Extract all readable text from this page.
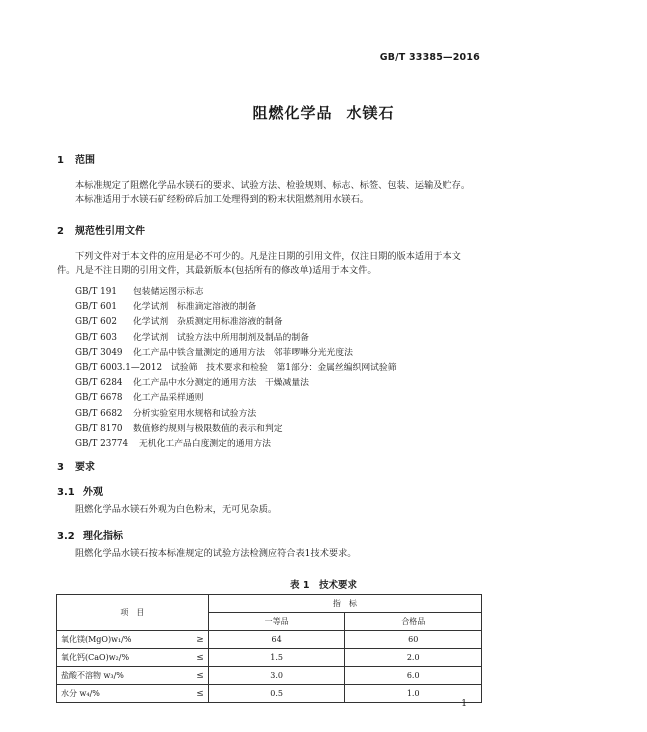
GB/T 33385—2016
阻燃化学品 水镁石
1 范围
本标准规定了阻燃化学品水镁石的要求、试验方法、检验规则、标志、标签、包装、运输及贮存。
本标准适用于水镁石矿经粉碎后加工处理得到的粉末状阻燃剂用水镁石。
2 规范性引用文件
下列文件对于本文件的应用是必不可少的。凡是注日期的引用文件，仅注日期的版本适用于本文
件。凡是不注日期的引用文件，其最新版本(包括所有的修改单)适用于本文件。
GB/T 191 包装储运图示标志
GB/T 601 化学试剂　标准滴定溶液的制备
GB/T 602 化学试剂　杂质测定用标准溶液的制备
GB/T 603 化学试剂　试验方法中所用制剂及制品的制备
GB/T 3049 化工产品中铁含量测定的通用方法　邻菲啰啉分光光度法
GB/T 6003.1—2012 试验筛　技术要求和检验　第1部分：金属丝编织网试验筛
GB/T 6284 化工产品中水分测定的通用方法　干燥减量法
GB/T 6678 化工产品采样通则
GB/T 6682 分析实验室用水规格和试验方法
GB/T 8170 数值修约规则与极限数值的表示和判定
GB/T 23774 无机化工产品白度测定的通用方法
3 要求
3.1 外观
阻燃化学品水镁石外观为白色粉末，无可见杂质。
3.2 理化指标
阻燃化学品水镁石按本标准规定的试验方法检测应符合表1技术要求。
表 1　技术要求
项　目		指　标	
		一等品	合格品
氧化镁(MgO)w₁/%	≥	64	60
氧化钙(CaO)w₂/%	≤	1.5	2.0
盐酸不溶物 w₃/%	≤	3.0	6.0
水分 w₄/%	≤	0.5	1.0
1
